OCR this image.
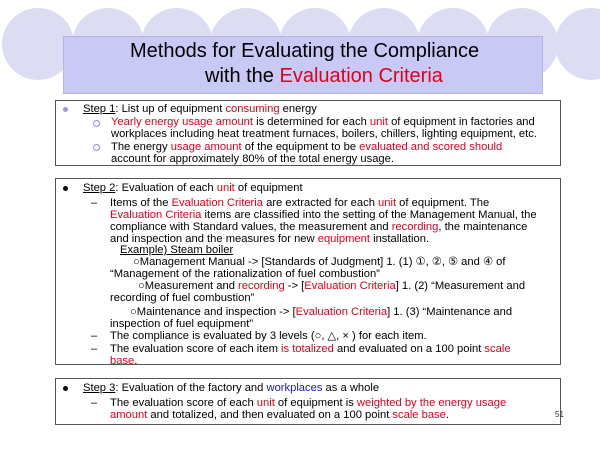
Methods for Evaluating the Compliance
with the Evaluation Criteria
Step 1: List up of equipment consuming energy
Yearly energy usage amount is determined for each unit of equipment in factories and
workplaces including heat treatment furnaces, boilers, chillers, lighting equipment, etc.
The energy usage amount of the equipment to be evaluated and scored should
account for approximately 80% of the total energy usage.
Step 2: Evaluation of each unit of equipment
– Items of the Evaluation Criteria are extracted for each unit of equipment. The
Evaluation Criteria items are classified into the setting of the Management Manual, the
compliance with Standard values, the measurement and recording, the maintenance
and inspection and the measures for new equipment installation.
Example) Steam boiler
○Management Manual -> [Standards of Judgment] 1. (1) ①, ②, ⑤ and ④ of
“Management of the rationalization of fuel combustion”
○Measurement and recording -> [Evaluation Criteria] 1. (2) “Measurement and
recording of fuel combustion”
○Maintenance and inspection -> [Evaluation Criteria] 1. (3) “Maintenance and
inspection of fuel equipment”
– The compliance is evaluated by 3 levels (○, △, × ) for each item.
– The evaluation score of each item is totalized and evaluated on a 100 point scale
base.
Step 3: Evaluation of the factory and workplaces as a whole
– The evaluation score of each unit of equipment is weighted by the energy usage
amount and totalized, and then evaluated on a 100 point scale base.	51
